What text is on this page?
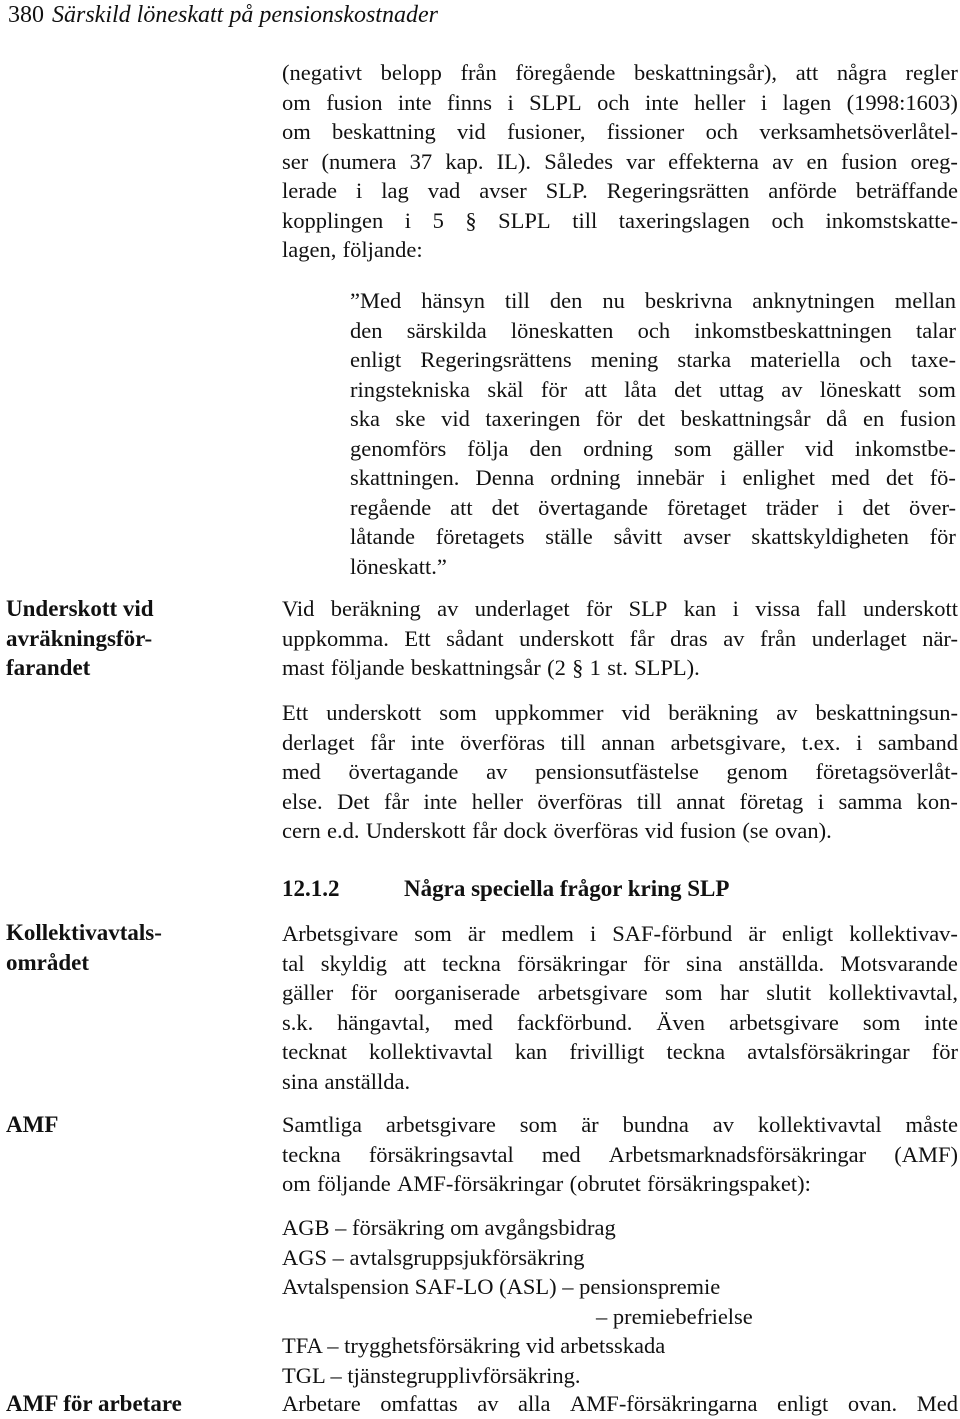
380 Särskild löneskatt på pensionskostnader
(negativt belopp från föregående beskattningsår), att några regler
om fusion inte finns i SLPL och inte heller i lagen (1998:1603)
om beskattning vid fusioner, fissioner och verksamhetsöverlåtel-
ser (numera 37 kap. IL). Således var effekterna av en fusion oreg-
lerade i lag vad avser SLP. Regeringsrätten anförde beträffande
kopplingen i 5 § SLPL till taxeringslagen och inkomstskatte-
lagen, följande:
”Med hänsyn till den nu beskrivna anknytningen mellan
den särskilda löneskatten och inkomstbeskattningen talar
enligt Regeringsrättens mening starka materiella och taxe-
ringstekniska skäl för att låta det uttag av löneskatt som
ska ske vid taxeringen för det beskattningsår då en fusion
genomförs följa den ordning som gäller vid inkomstbe-
skattningen. Denna ordning innebär i enlighet med det fö-
regående att det övertagande företaget träder i det över-
låtande företagets ställe såvitt avser skattskyldigheten för
löneskatt.”
Underskott vid
avräkningsför-
farandet
Vid beräkning av underlaget för SLP kan i vissa fall underskott
uppkomma. Ett sådant underskott får dras av från underlaget när-
mast följande beskattningsår (2 § 1 st. SLPL).
Ett underskott som uppkommer vid beräkning av beskattningsun-
derlaget får inte överföras till annan arbetsgivare, t.ex. i samband
med övertagande av pensionsutfästelse genom företagsöverlåt-
else. Det får inte heller överföras till annat företag i samma kon-
cern e.d. Underskott får dock överföras vid fusion (se ovan).
12.1.2	Några speciella frågor kring SLP
Kollektivavtals-
området
Arbetsgivare som är medlem i SAF-förbund är enligt kollektivav-
tal skyldig att teckna försäkringar för sina anställda. Motsvarande
gäller för oorganiserade arbetsgivare som har slutit kollektivavtal,
s.k. hängavtal, med fackförbund. Även arbetsgivare som inte
tecknat kollektivavtal kan frivilligt teckna avtalsförsäkringar för
sina anställda.
AMF	Samtliga arbetsgivare som är bundna av kollektivavtal måste
teckna försäkringsavtal med Arbetsmarknadsförsäkringar (AMF)
om följande AMF-försäkringar (obrutet försäkringspaket):
AGB – försäkring om avgångsbidrag
AGS – avtalsgruppsjukförsäkring
Avtalspension SAF-LO (ASL) – pensionspremie
– premiebefrielse
TFA – trygghetsförsäkring vid arbetsskada
TGL – tjänstegrupplivförsäkring.
AMF för arbetare	Arbetare omfattas av alla AMF-försäkringarna enligt ovan. Med
